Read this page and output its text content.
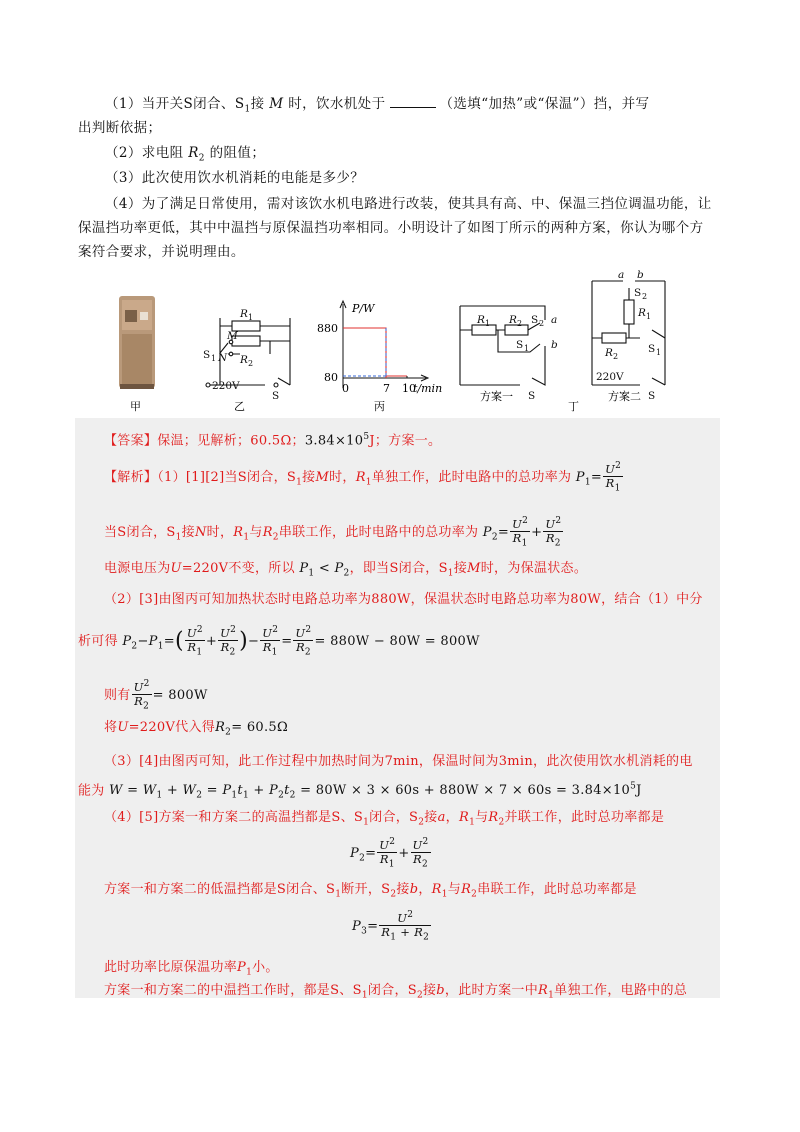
（1）当开关S闭合、$S_1$接 M 时，饮水机处于	（选填“加热”或“保温”）挡，并写
出判断依据；
（2）求电阻 $R_2$ 的阻值；
（3）此次使用饮水机消耗的电能是多少？
（4）为了满足日常使用，需对该饮水机电路进行改装，使其具有高、中、保温三挡位调温功能，让
保温挡功率更低，其中中温挡与原保温挡功率相同。小明设计了如图丁所示的两种方案，你认为哪个方
案符合要求，并说明理由。
甲
R 1
M
S 1 N R 2
220V
S
乙
P/W
880
80
0	7 10
t/min
丙
R 1 R 2 S 2 a
S 1 b
S
方案一
a b
S 2
R 1
R 2
S 1
220V
S
方案二
丁
【答案】保温；见解析；60.5Ω；$3.84\times 10^5J$；方案一。
【解析】（1）[1][2]当S闭合，$S_1$接M时，$R_1$单独工作，此时电路中的总功率为 $P_1= \frac{U^2}{R_1}$
当S闭合，$S_1$接N时，$R_1$与$R_2$串联工作，此时电路中的总功率为 $P_2= \frac{U^2}{R_1} + \frac{U^2}{R_2}$
电源电压为U=220V不变，所以 $P_1 < P_2$，即当S闭合，$S_1$接M时，为保温状态。
（2）[3]由图丙可知加热状态时电路总功率为880W，保温状态时电路总功率为80W，结合（1）中分
析可得 $P_2-P_1=( \frac{U^2}{R_1} + \frac{U^2}{R_2}$ )− $\frac{U^2}{R_1} = \frac{U^2}{R_2} = 880W - 80W = 800W$
则有 $\frac{U^2}{R_2} = 800W$
将U=220V代入得$R_2= 60.5\Omega$
（3）[4]由图丙可知，此工作过程中加热时间为7min，保温时间为3min，此次使用饮水机消耗的电
能为 $W = W_1 + W_2 = P_1t_1 + P_2t_2 = 80W \times 3 \times 60s + 880W \times 7 \times 60s = 3.84\times 10^5J$
（4）[5]方案一和方案二的高温挡都是S、$S_1$闭合，$S_2$接a，$R_1$与$R_2$并联工作，此时总功率都是
$P_2= \frac{U^2}{R_1} + \frac{U^2}{R_2}$
方案一和方案二的低温挡都是S闭合、$S_1$断开，$S_2$接b，$R_1$与$R_2$串联工作，此时总功率都是
$P_3= \frac{U^2}{R_1 + R_2}$
此时功率比原保温功率$P_1$小。
方案一和方案二的中温挡工作时，都是S、$S_1$闭合，$S_2$接b，此时方案一中$R_1$单独工作，电路中的总
